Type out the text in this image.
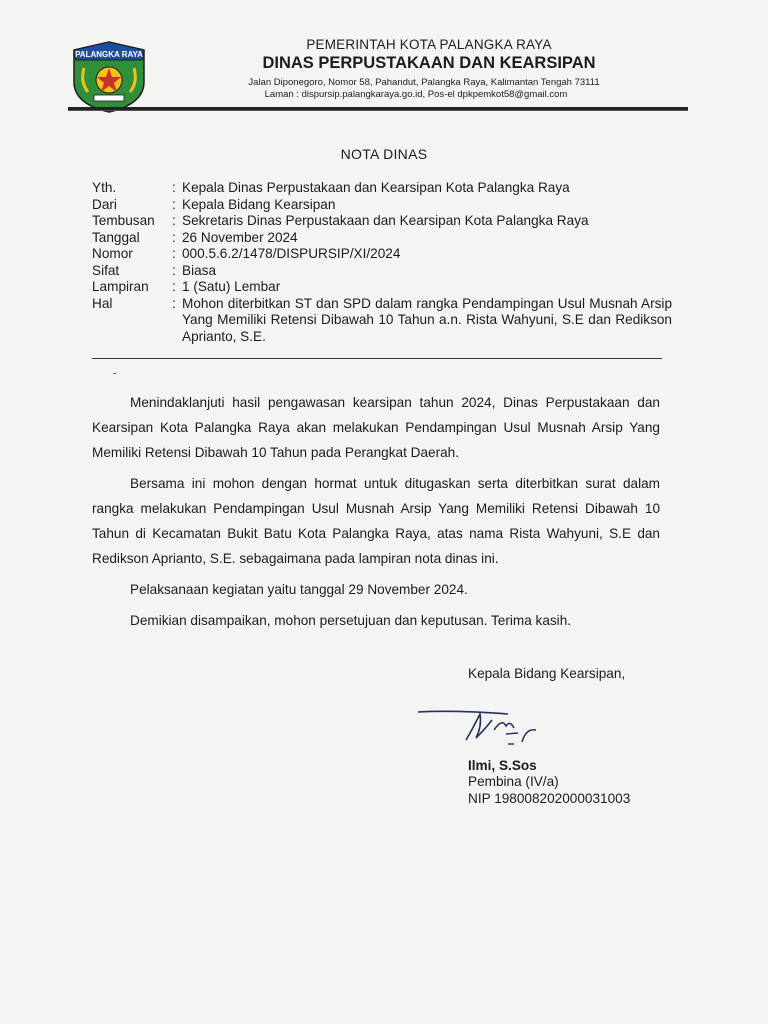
PALANGKA RAYA
PEMERINTAH KOTA PALANGKA RAYA
DINAS PERPUSTAKAAN DAN KEARSIPAN
Jalan Diponegoro, Nomor 58, Pahandut, Palangka Raya, Kalimantan Tengah 73111
Laman : dispursip.palangkaraya.go.id, Pos-el dpkpemkot58@gmail.com
NOTA DINAS
Yth.	: Kepala Dinas Perpustakaan dan Kearsipan Kota Palangka Raya
Dari	: Kepala Bidang Kearsipan
Tembusan	: Sekretaris Dinas Perpustakaan dan Kearsipan Kota Palangka Raya
Tanggal	: 26 November 2024
Nomor	: 000.5.6.2/1478/DISPURSIP/XI/2024
Sifat	: Biasa
Lampiran	: 1 (Satu) Lembar
Hal	: Mohon diterbitkan ST dan SPD dalam rangka Pendampingan Usul Musnah Arsip Yang Memiliki Retensi Dibawah 10 Tahun a.n. Rista Wahyuni, S.E dan Redikson Aprianto, S.E.

Menindaklanjuti hasil pengawasan kearsipan tahun 2024, Dinas Perpustakaan dan Kearsipan Kota Palangka Raya akan melakukan Pendampingan Usul Musnah Arsip Yang Memiliki Retensi Dibawah 10 Tahun pada Perangkat Daerah.

Bersama ini mohon dengan hormat untuk ditugaskan serta diterbitkan surat dalam rangka melakukan Pendampingan Usul Musnah Arsip Yang Memiliki Retensi Dibawah 10 Tahun di Kecamatan Bukit Batu Kota Palangka Raya, atas nama Rista Wahyuni, S.E dan Redikson Aprianto, S.E. sebagaimana pada lampiran nota dinas ini.

Pelaksanaan kegiatan yaitu tanggal 29 November 2024.

Demikian disampaikan, mohon persetujuan dan keputusan. Terima kasih.

Kepala Bidang Kearsipan,
Ilmi, S.Sos
Pembina (IV/a)
NIP 198008202000031003
